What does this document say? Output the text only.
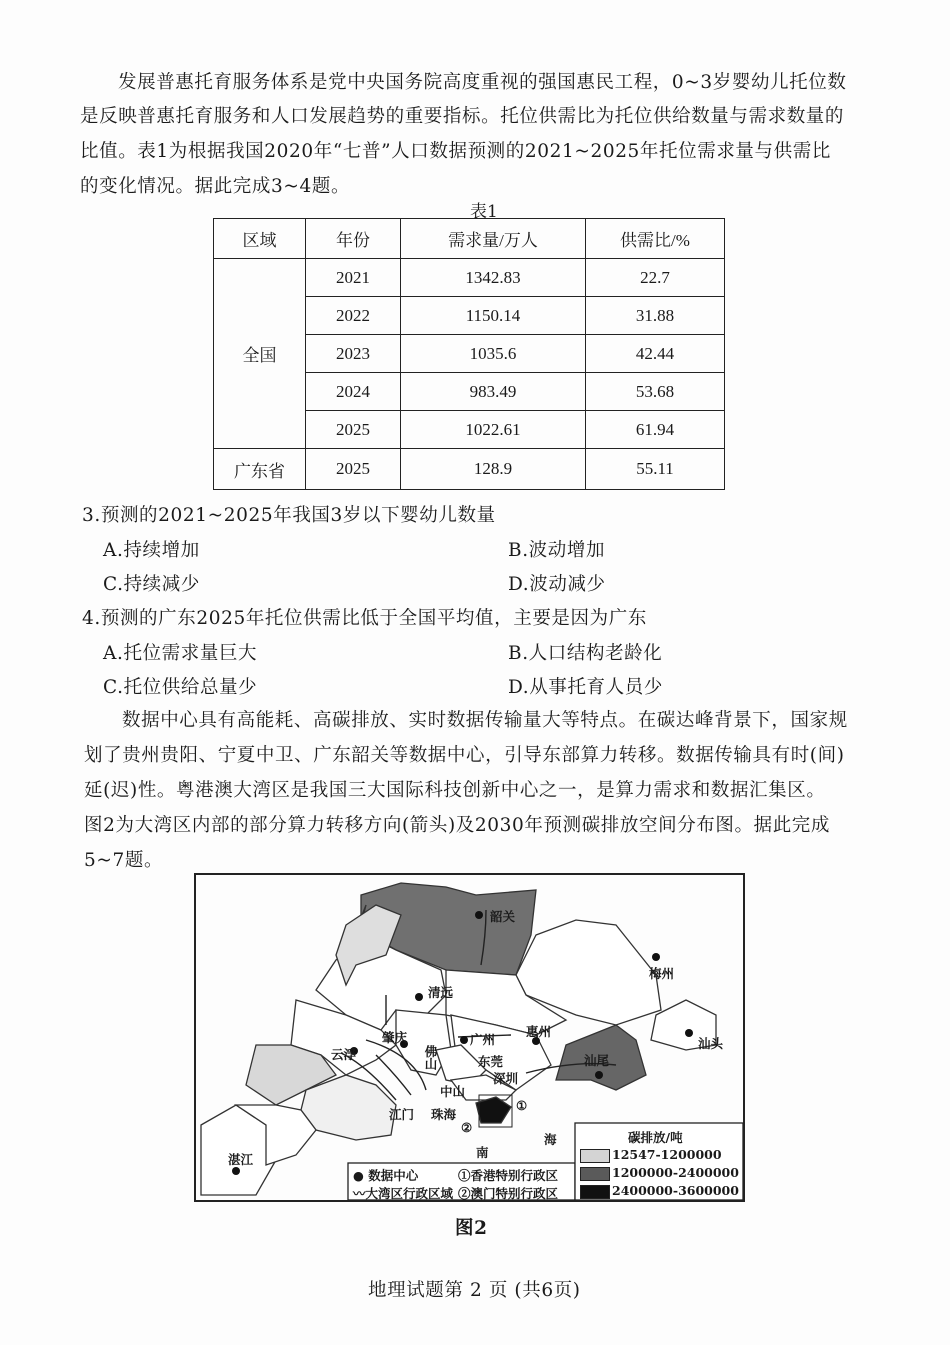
发展普惠托育服务体系是党中央国务院高度重视的强国惠民工程，0~3岁婴幼儿托位数
是反映普惠托育服务和人口发展趋势的重要指标。托位供需比为托位供给数量与需求数量的
比值。表1为根据我国2020年“七普”人口数据预测的2021~2025年托位需求量与供需比
的变化情况。据此完成3~4题。
表1
区域	年份	需求量/万人	供需比/%
全国	2021	1342.83	22.7
	2022	1150.14	31.88
	2023	1035.6	42.44
	2024	983.49	53.68
	2025	1022.61	61.94
广东省	2025	128.9	55.11
3.预测的2021~2025年我国3岁以下婴幼儿数量
A.持续增加	B.波动增加
C.持续减少	D.波动减少
4.预测的广东2025年托位供需比低于全国平均值，主要是因为广东
A.托位需求量巨大	B.人口结构老龄化
C.托位供给总量少	D.从事托育人员少
数据中心具有高能耗、高碳排放、实时数据传输量大等特点。在碳达峰背景下，国家规
划了贵州贵阳、宁夏中卫、广东韶关等数据中心，引导东部算力转移。数据传输具有时(间)
延(迟)性。粤港澳大湾区是我国三大国际科技创新中心之一，是算力需求和数据汇集区。
图2为大湾区内部的部分算力转移方向(箭头)及2030年预测碳排放空间分布图。据此完成
5~7题。
韶关
梅州
清远
广州
惠州
肇庆
佛山
云浮	东莞
深圳
中山
江门 珠海
汕尾
汕头
湛江	南
海
①
②
● 数据中心
〰大湾区行政区域
①香港特别行政区
②澳门特别行政区
碳排放/吨
12547-1200000
1200000-2400000
2400000-3600000
图2
地理试题第 2 页 (共6页)
